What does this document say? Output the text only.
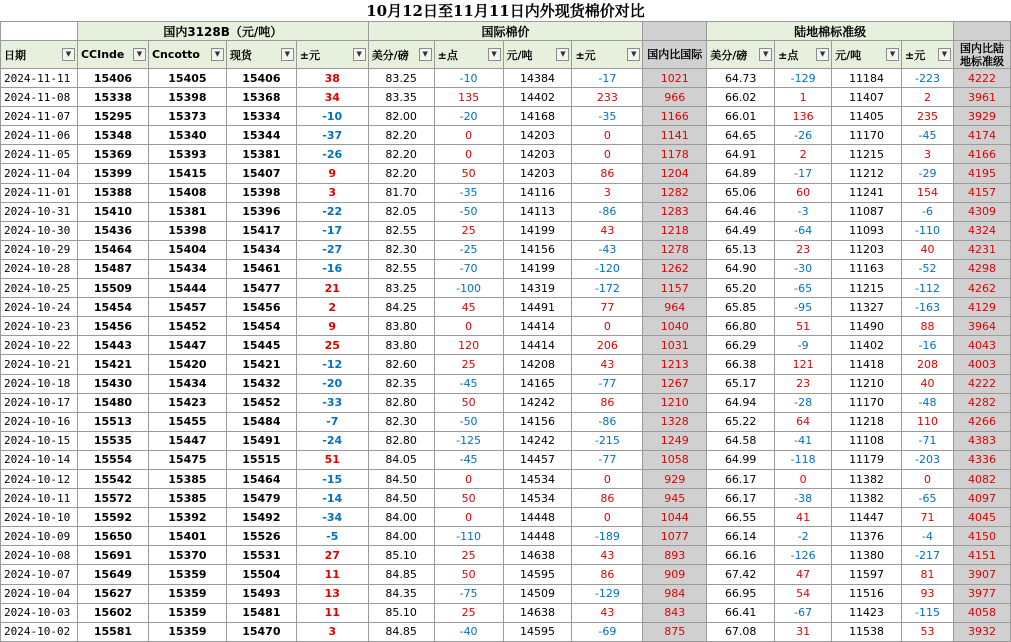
10月12日至11月11日内外现货棉价对比														
	国内3128B（元/吨）				国际棉价					陆地棉标准级				

日期 ▼	CCInde ▼	Cncotto ▼	现货 ▼	±元 ▼	美分/磅 ▼	±点 ▼	元/吨 ▼	±元 ▼	国内比国际	美分/磅 ▼	±点 ▼	元/吨 ▼	±元 ▼	国内比陆地标准级

2024-11-11	15406	15405	15406	38	83.25	-10	14384	-17	1021	64.73	-129	11184	-223	4222
2024-11-08	15338	15398	15368	34	83.35	135	14402	233	966	66.02	1	11407	2	3961
2024-11-07	15295	15373	15334	-10	82.00	-20	14168	-35	1166	66.01	136	11405	235	3929
2024-11-06	15348	15340	15344	-37	82.20	0	14203	0	1141	64.65	-26	11170	-45	4174
2024-11-05	15369	15393	15381	-26	82.20	0	14203	0	1178	64.91	2	11215	3	4166
2024-11-04	15399	15415	15407	9	82.20	50	14203	86	1204	64.89	-17	11212	-29	4195
2024-11-01	15388	15408	15398	3	81.70	-35	14116	3	1282	65.06	60	11241	154	4157
2024-10-31	15410	15381	15396	-22	82.05	-50	14113	-86	1283	64.46	-3	11087	-6	4309
2024-10-30	15436	15398	15417	-17	82.55	25	14199	43	1218	64.49	-64	11093	-110	4324
2024-10-29	15464	15404	15434	-27	82.30	-25	14156	-43	1278	65.13	23	11203	40	4231
2024-10-28	15487	15434	15461	-16	82.55	-70	14199	-120	1262	64.90	-30	11163	-52	4298
2024-10-25	15509	15444	15477	21	83.25	-100	14319	-172	1157	65.20	-65	11215	-112	4262
2024-10-24	15454	15457	15456	2	84.25	45	14491	77	964	65.85	-95	11327	-163	4129
2024-10-23	15456	15452	15454	9	83.80	0	14414	0	1040	66.80	51	11490	88	3964
2024-10-22	15443	15447	15445	25	83.80	120	14414	206	1031	66.29	-9	11402	-16	4043
2024-10-21	15421	15420	15421	-12	82.60	25	14208	43	1213	66.38	121	11418	208	4003
2024-10-18	15430	15434	15432	-20	82.35	-45	14165	-77	1267	65.17	23	11210	40	4222
2024-10-17	15480	15423	15452	-33	82.80	50	14242	86	1210	64.94	-28	11170	-48	4282
2024-10-16	15513	15455	15484	-7	82.30	-50	14156	-86	1328	65.22	64	11218	110	4266
2024-10-15	15535	15447	15491	-24	82.80	-125	14242	-215	1249	64.58	-41	11108	-71	4383
2024-10-14	15554	15475	15515	51	84.05	-45	14457	-77	1058	64.99	-118	11179	-203	4336
2024-10-12	15542	15385	15464	-15	84.50	0	14534	0	929	66.17	0	11382	0	4082
2024-10-11	15572	15385	15479	-14	84.50	50	14534	86	945	66.17	-38	11382	-65	4097
2024-10-10	15592	15392	15492	-34	84.00	0	14448	0	1044	66.55	41	11447	71	4045
2024-10-09	15650	15401	15526	-5	84.00	-110	14448	-189	1077	66.14	-2	11376	-4	4150
2024-10-08	15691	15370	15531	27	85.10	25	14638	43	893	66.16	-126	11380	-217	4151
2024-10-07	15649	15359	15504	11	84.85	50	14595	86	909	67.42	47	11597	81	3907
2024-10-04	15627	15359	15493	13	84.35	-75	14509	-129	984	66.95	54	11516	93	3977
2024-10-03	15602	15359	15481	11	85.10	25	14638	43	843	66.41	-67	11423	-115	4058
2024-10-02	15581	15359	15470	3	84.85	-40	14595	-69	875	67.08	31	11538	53	3932
